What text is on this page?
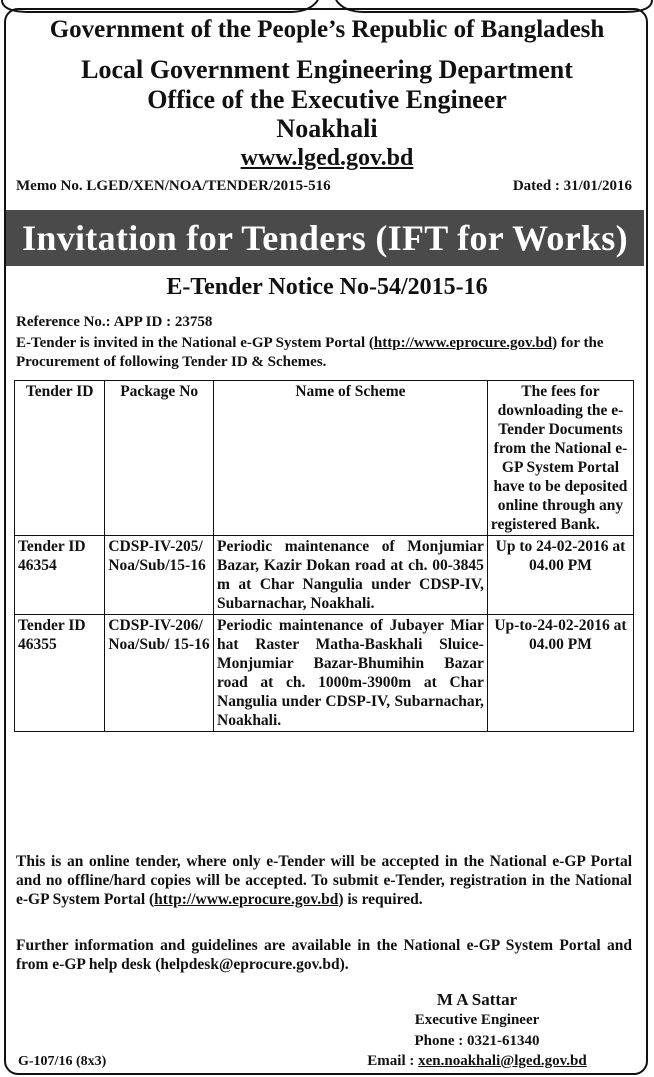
Government of the People’s Republic of Bangladesh
Local Government Engineering Department
Office of the Executive Engineer
Noakhali
www.lged.gov.bd
Memo No. LGED/XEN/NOA/TENDER/2015-516	Dated : 31/01/2016
Invitation for Tenders (IFT for Works)
E-Tender Notice No-54/2015-16
Reference No.: APP ID : 23758
E-Tender is invited in the National e-GP System Portal (http://www.eprocure.gov.bd) for the Procurement of following Tender ID & Schemes.
Tender ID	Package No	Name of Scheme	The fees for downloading the e-Tender Documents from the National e-GP System Portal have to be deposited online through any registered Bank.
Tender ID 46354	CDSP-IV-205/ Noa/Sub/15-16	Periodic maintenance of Monjumiar Bazar, Kazir Dokan road at ch. 00-3845 m at Char Nangulia under CDSP-IV, Subarnachar, Noakhali.	Up to 24-02-2016 at 04.00 PM
Tender ID 46355	CDSP-IV-206/ Noa/Sub/ 15-16	Periodic maintenance of Jubayer Miar hat Raster Matha-Baskhali Sluice-Monjumiar Bazar-Bhumihin Bazar road at ch. 1000m-3900m at Char Nangulia under CDSP-IV, Subarnachar, Noakhali.	Up-to-24-02-2016 at 04.00 PM
This is an online tender, where only e-Tender will be accepted in the National e-GP Portal and no offline/hard copies will be accepted. To submit e-Tender, registration in the National e-GP System Portal (http://www.eprocure.gov.bd) is required.
Further information and guidelines are available in the National e-GP System Portal and from e-GP help desk (helpdesk@eprocure.gov.bd).
M A Sattar
Executive Engineer
Phone : 0321-61340
Email : xen.noakhali@lged.gov.bd
G-107/16 (8x3)
